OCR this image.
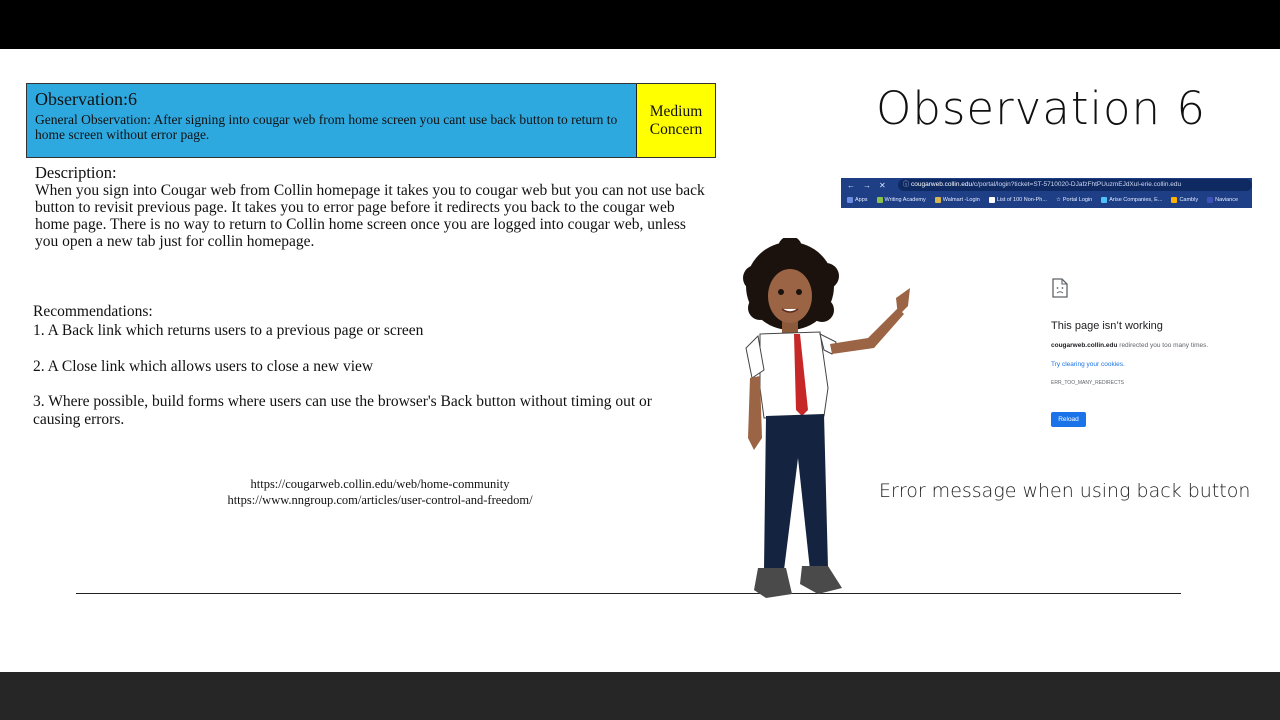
Observation:6
General Observation: After signing into cougar web from home screen you cant use back button to return to home screen without error page.
Medium
Concern
Description:
When you sign into Cougar web from Collin homepage it takes you to cougar web but you can not use back button to revisit previous page. It takes you to error page before it redirects you back to the cougar web home page. There is no way to return to Collin home screen once you are logged into cougar web, unless you open a new tab just for collin homepage.
Recommendations:
1. A Back link which returns users to a previous page or screen
2. A Close link which allows users to close a new view
3. Where possible, build forms where users can use the browser's Back button without timing out or causing errors.
https://cougarweb.collin.edu/web/home-community
https://www.nngroup.com/articles/user-control-and-freedom/
Observation 6
← → ✕	ⓘ cougarweb.collin.edu/c/portal/login?ticket=ST-5710020-DJafzFhtPUuzmEJdXul-erie.collin.edu
Apps	Writing Academy	Walmart -Login	List of 100 Non-Ph... ☆ Portal Login	Arise Companies, E...	Cambly	Naviance
This page isn’t working
cougarweb.collin.edu redirected you too many times.
Try clearing your cookies.
ERR_TOO_MANY_REDIRECTS
Reload
Error message when using back button
